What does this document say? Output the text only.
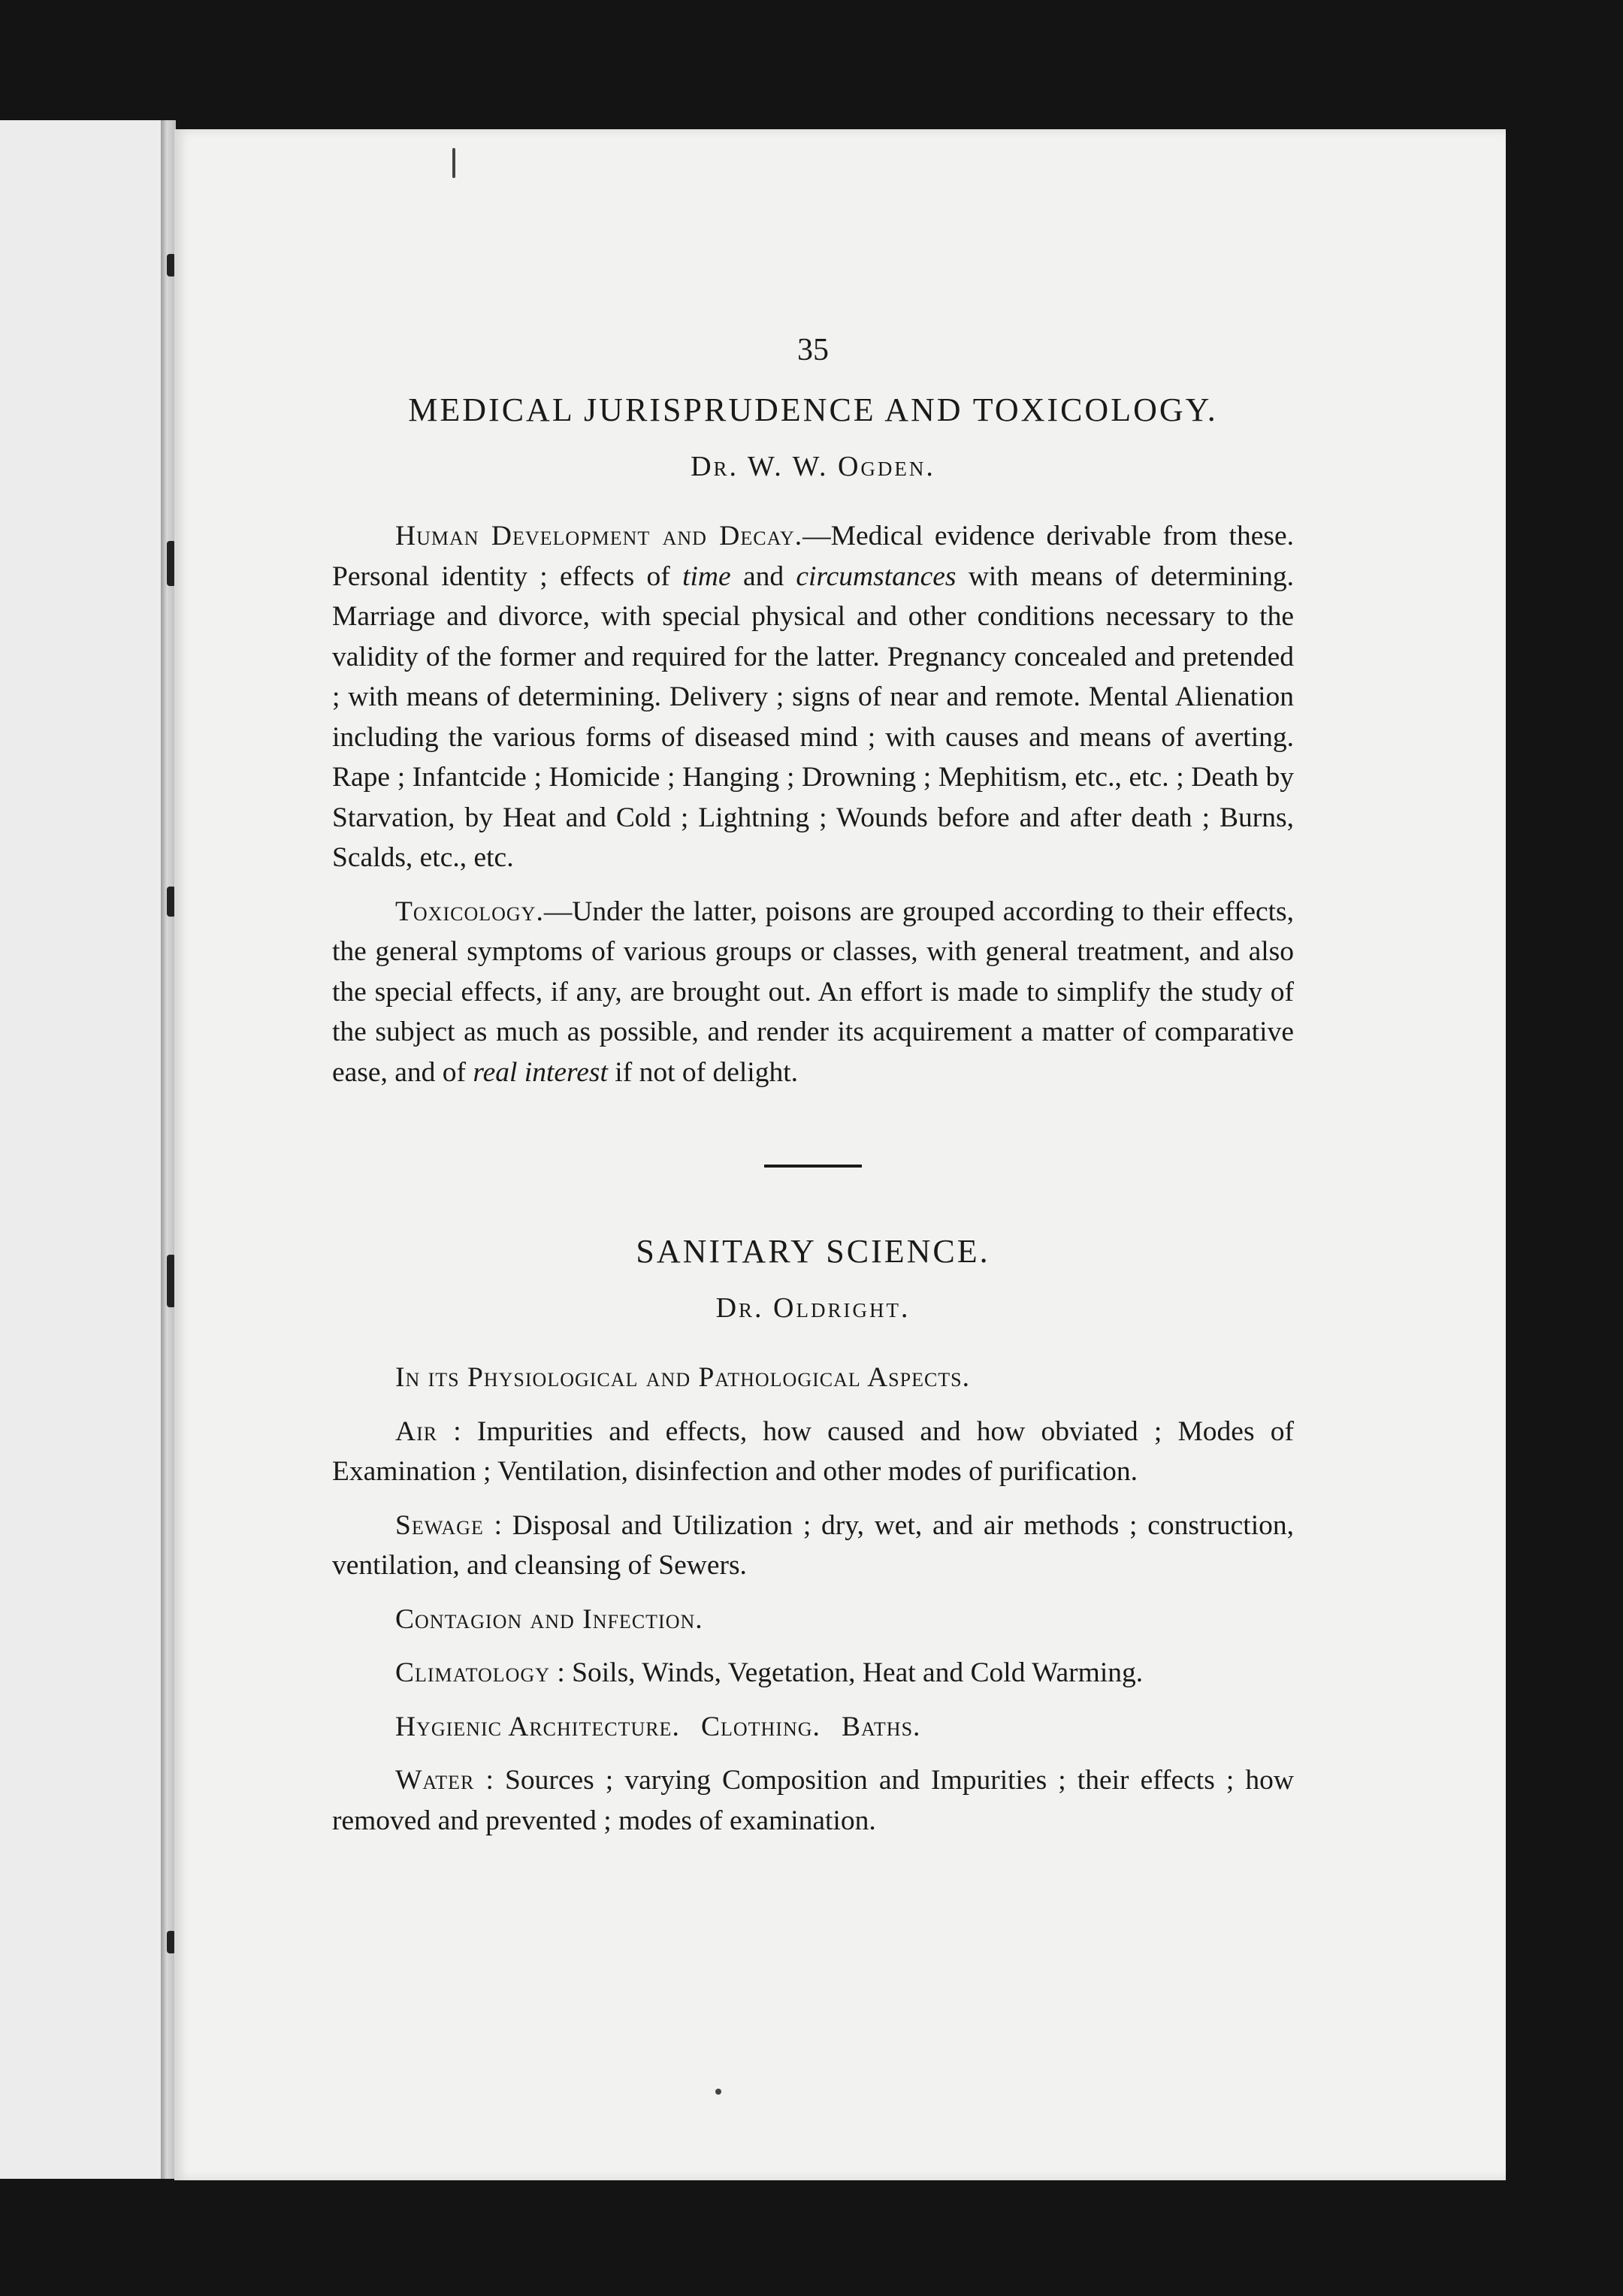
35
MEDICAL JURISPRUDENCE AND TOXICOLOGY.
Dr. W. W. Ogden.

Human Development and Decay.—Medical evidence derivable from these. Personal identity ; effects of time and circumstances with means of determining. Marriage and divorce, with special physical and other conditions necessary to the validity of the former and required for the latter. Pregnancy concealed and pretended ; with means of determining. Delivery ; signs of near and remote. Mental Alienation including the various forms of diseased mind ; with causes and means of averting. Rape ; Infantcide ; Homicide ; Hanging ; Drowning ; Mephitism, etc., etc. ; Death by Starvation, by Heat and Cold ; Lightning ; Wounds before and after death ; Burns, Scalds, etc., etc.

Toxicology.—Under the latter, poisons are grouped according to their effects, the general symptoms of various groups or classes, with general treatment, and also the special effects, if any, are brought out. An effort is made to simplify the study of the subject as much as possible, and render its acquirement a matter of comparative ease, and of real interest if not of delight.

SANITARY SCIENCE.
Dr. Oldright.

In its Physiological and Pathological Aspects.

Air : Impurities and effects, how caused and how obviated ; Modes of Examination ; Ventilation, disinfection and other modes of purification.

Sewage : Disposal and Utilization ; dry, wet, and air methods ; construction, ventilation, and cleansing of Sewers.

Contagion and Infection.

Climatology : Soils, Winds, Vegetation, Heat and Cold Warming.

Hygienic Architecture. Clothing. Baths.

Water : Sources ; varying Composition and Impurities ; their effects ; how removed and prevented ; modes of examination.
